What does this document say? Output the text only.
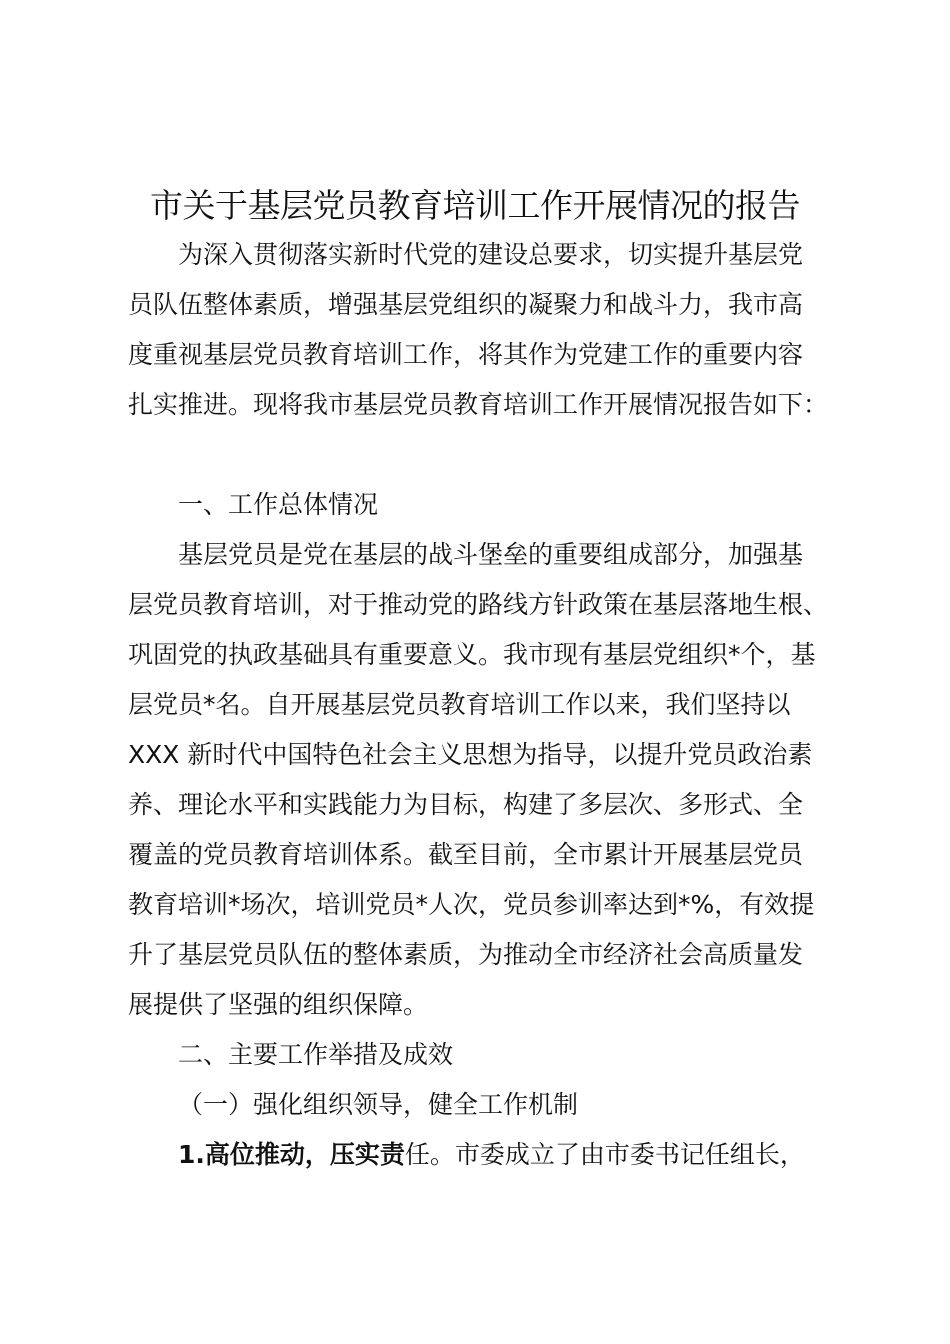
市关于基层党员教育培训工作开展情况的报告

为深入贯彻落实新时代党的建设总要求，切实提升基层党

员队伍整体素质，增强基层党组织的凝聚力和战斗力，我市高

度重视基层党员教育培训工作，将其作为党建工作的重要内容

扎实推进。现将我市基层党员教育培训工作开展情况报告如下：

一、工作总体情况

基层党员是党在基层的战斗堡垒的重要组成部分，加强基

层党员教育培训，对于推动党的路线方针政策在基层落地生根、

巩固党的执政基础具有重要意义。我市现有基层党组织*个，基

层党员*名。自开展基层党员教育培训工作以来，我们坚持以

XXX 新时代中国特色社会主义思想为指导，以提升党员政治素

养、理论水平和实践能力为目标，构建了多层次、多形式、全

覆盖的党员教育培训体系。截至目前，全市累计开展基层党员

教育培训*场次，培训党员*人次，党员参训率达到*%，有效提

升了基层党员队伍的整体素质，为推动全市经济社会高质量发

展提供了坚强的组织保障。

二、主要工作举措及成效

（一）强化组织领导，健全工作机制

1.高位推动，压实责任。市委成立了由市委书记任组长，
